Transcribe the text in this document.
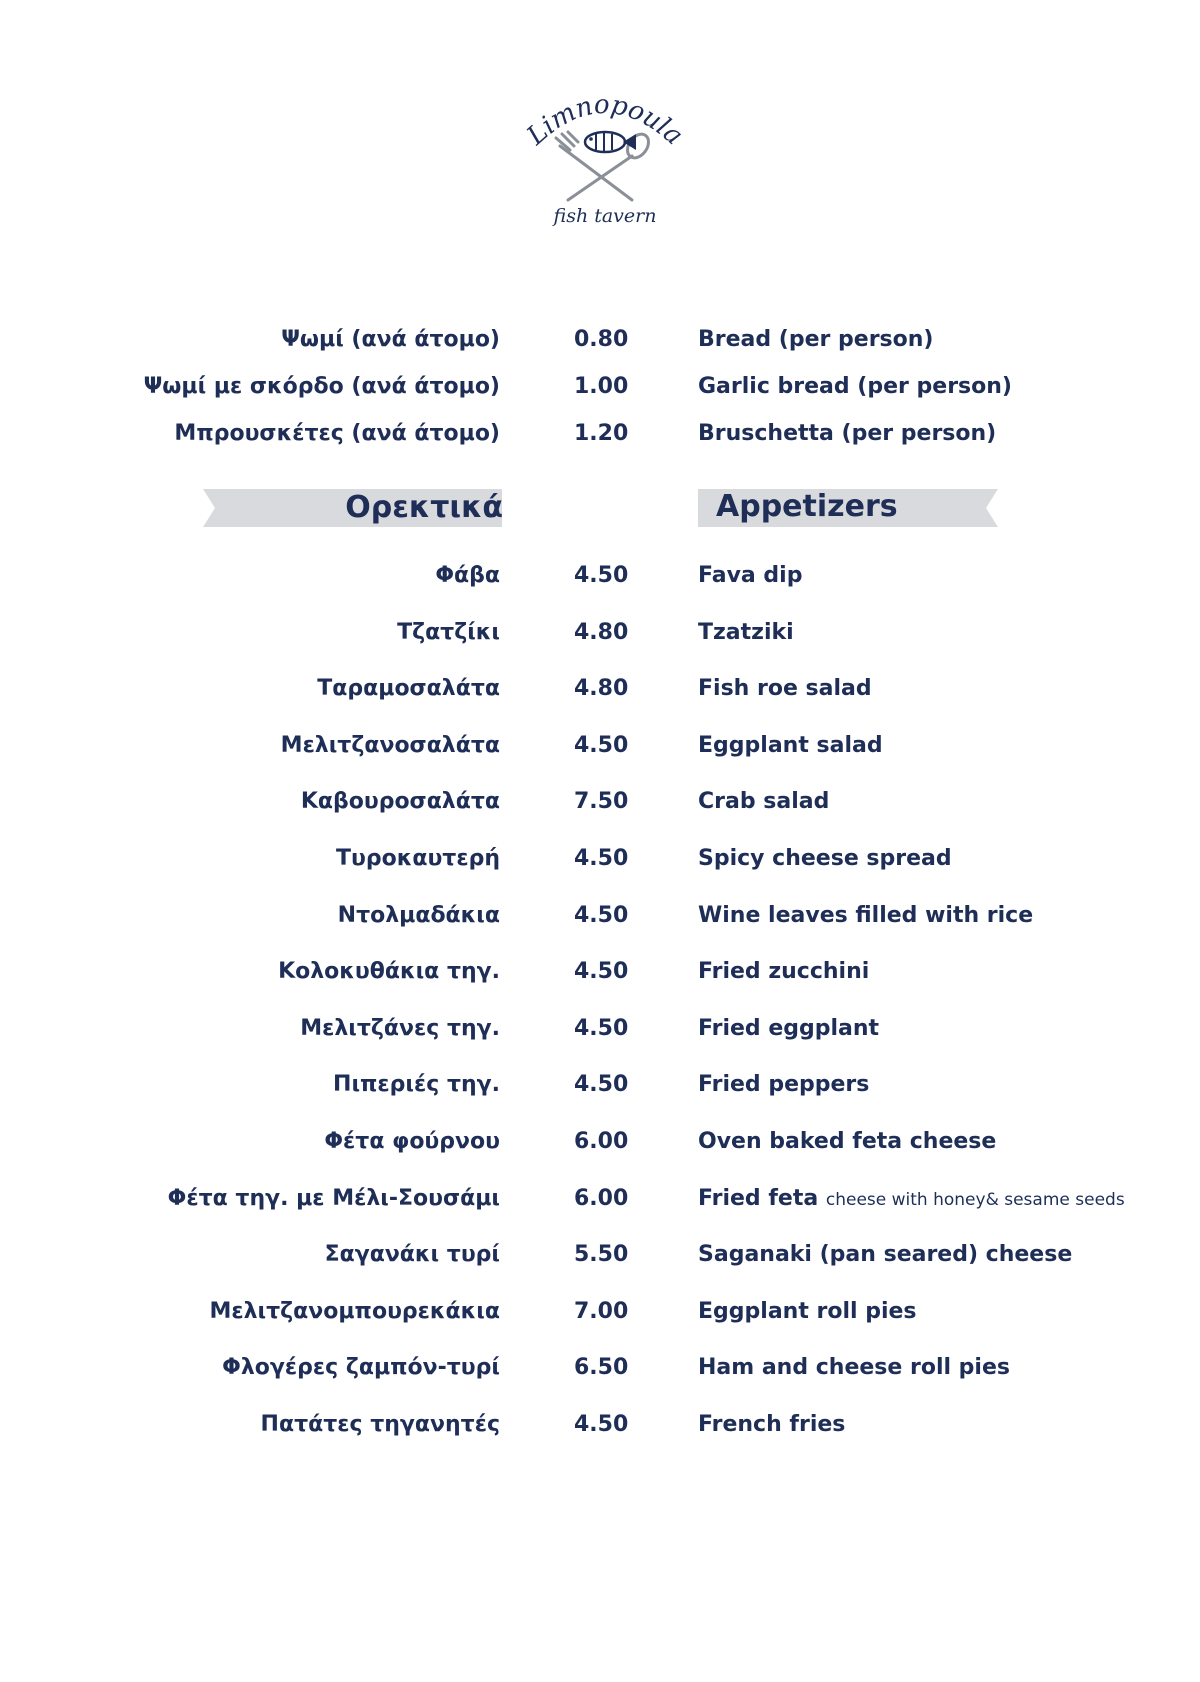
Limnopoula
fish tavern
Ψωμί (ανά άτομο)	0.80	Bread (per person)
Ψωμί με σκόρδο (ανά άτομο)	1.00	Garlic bread (per person)
Μπρουσκέτες (ανά άτομο)	1.20	Bruschetta (per person)
Ορεκτικά	Appetizers
Φάβα	4.50	Fava dip
Τζατζίκι	4.80	Tzatziki
Ταραμοσαλάτα	4.80	Fish roe salad
Μελιτζανοσαλάτα	4.50	Eggplant salad
Καβουροσαλάτα	7.50	Crab salad
Τυροκαυτερή	4.50	Spicy cheese spread
Ντολμαδάκια	4.50	Wine leaves filled with rice
Κολοκυθάκια τηγ.	4.50	Fried zucchini
Μελιτζάνες τηγ.	4.50	Fried eggplant
Πιπεριές τηγ.	4.50	Fried peppers
Φέτα φούρνου	6.00	Oven baked feta cheese
Φέτα τηγ. με Μέλι-Σουσάμι	6.00	Fried feta cheese with honey& sesame seeds
Σαγανάκι τυρί	5.50	Saganaki (pan seared) cheese
Μελιτζανομπουρεκάκια	7.00	Eggplant roll pies
Φλογέρες ζαμπόν-τυρί	6.50	Ham and cheese roll pies
Πατάτες τηγανητές	4.50	French fries
